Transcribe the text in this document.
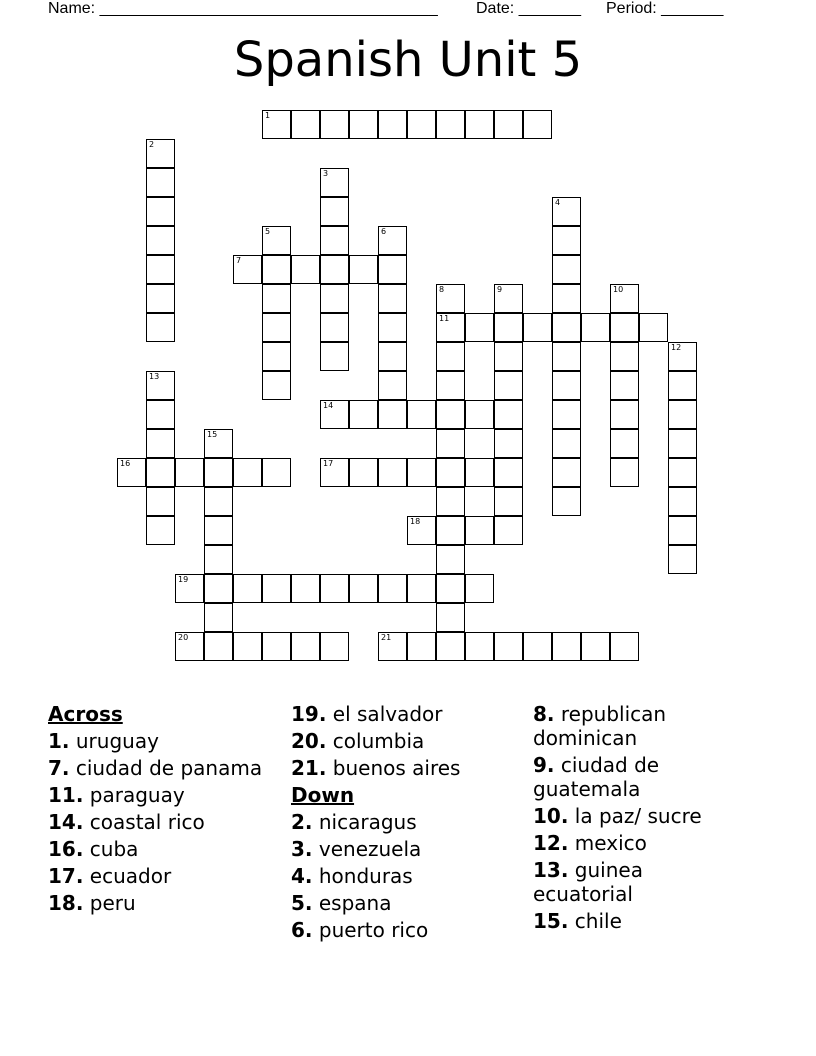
Name: ______________________________________ Date: _______ Period: _______
Spanish Unit 5
1
2
3
4
5	6
7
8
11
9	10
12
13
14
15
16	17
18
19
20	21
Across
1. uruguay
7. ciudad de panama
11. paraguay
14. coastal rico
16. cuba
17. ecuador
18. peru
19. el salvador
20. columbia
21. buenos aires
Down
2. nicaragus
3. venezuela
4. honduras
5. espana
6. puerto rico
8. republican dominican
9. ciudad de guatemala
10. la paz/ sucre
12. mexico
13. guinea ecuatorial
15. chile
